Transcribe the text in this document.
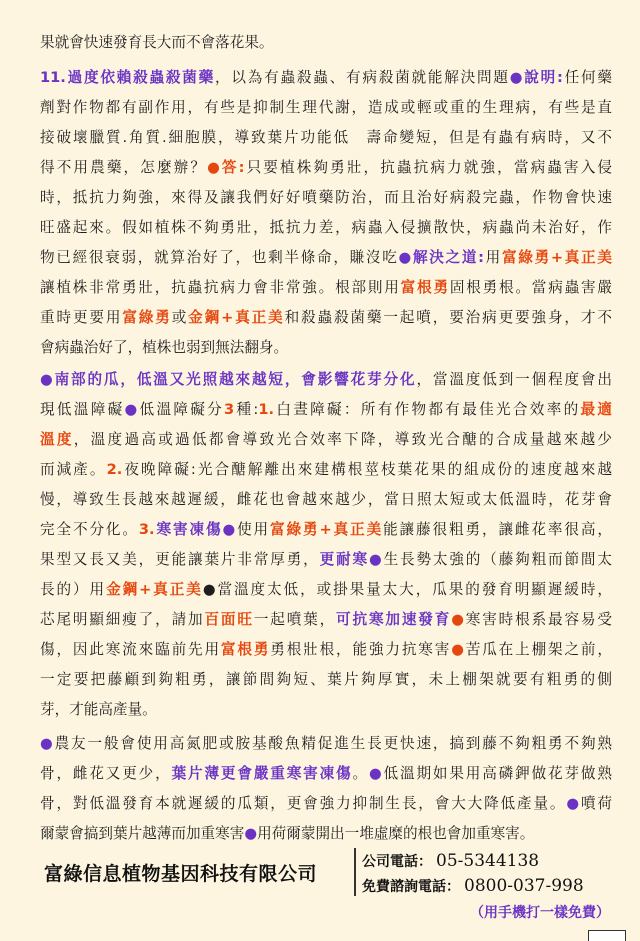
果就會快速發育長大而不會落花果。
11.過度依賴殺蟲殺菌藥，以為有蟲殺蟲、有病殺菌就能解決問題●說明:任何藥
劑對作物都有副作用，有些是抑制生理代謝，造成或輕或重的生理病，有些是直
接破壞臘質.角質.細胞膜，導致葉片功能低　壽命變短，但是有蟲有病時，又不
得不用農藥，怎麼辦？●答:只要植株夠勇壯，抗蟲抗病力就強，當病蟲害入侵
時，抵抗力夠強，來得及讓我們好好噴藥防治，而且治好病殺完蟲，作物會快速
旺盛起來。假如植株不夠勇壯，抵抗力差，病蟲入侵擴散快，病蟲尚未治好，作
物已經很衰弱，就算治好了，也剩半條命，賺沒吃●解決之道:用富綠勇+真正美
讓植株非常勇壯，抗蟲抗病力會非常強。根部則用富根勇固根勇根。當病蟲害嚴
重時更要用富綠勇或金鋼+真正美和殺蟲殺菌藥一起噴，要治病更要強身，才不
會病蟲治好了，植株也弱到無法翻身。
●南部的瓜，低溫又光照越來越短，會影響花芽分化，當溫度低到一個程度會出
現低溫障礙●低溫障礙分3種:1.白晝障礙：所有作物都有最佳光合效率的最適
溫度，溫度過高或過低都會導致光合效率下降，導致光合醣的合成量越來越少
而減產。2.夜晚障礙:光合醣解離出來建構根莖枝葉花果的組成份的速度越來越
慢，導致生長越來越遲緩，雌花也會越來越少，當日照太短或太低溫時，花芽會
完全不分化。3.寒害凍傷●使用富綠勇+真正美能讓藤很粗勇，讓雌花率很高，
果型又長又美，更能讓葉片非常厚勇，更耐寒●生長勢太強的（藤夠粗而節間太
長的）用金鋼+真正美●當溫度太低，或掛果量太大，瓜果的發育明顯遲緩時，
芯尾明顯細瘦了，請加百面旺一起噴葉，可抗寒加速發育●寒害時根系最容易受
傷，因此寒流來臨前先用富根勇勇根壯根，能強力抗寒害●苦瓜在上棚架之前，
一定要把藤顧到夠粗勇，讓節間夠短、葉片夠厚實，未上棚架就要有粗勇的側
芽，才能高產量。
●農友一般會使用高氮肥或胺基酸魚精促進生長更快速，搞到藤不夠粗勇不夠熟
骨，雌花又更少，葉片薄更會嚴重寒害凍傷。●低溫期如果用高磷鉀做花芽做熟
骨，對低溫發育本就遲緩的瓜類，更會強力抑制生長，會大大降低產量。●噴荷
爾蒙會搞到葉片越薄而加重寒害●用荷爾蒙開出一堆虛糜的根也會加重寒害。
富綠信息植物基因科技有限公司
公司電話： 05-5344138
免費諮詢電話： 0800-037-998
（用手機打一樣免費）
